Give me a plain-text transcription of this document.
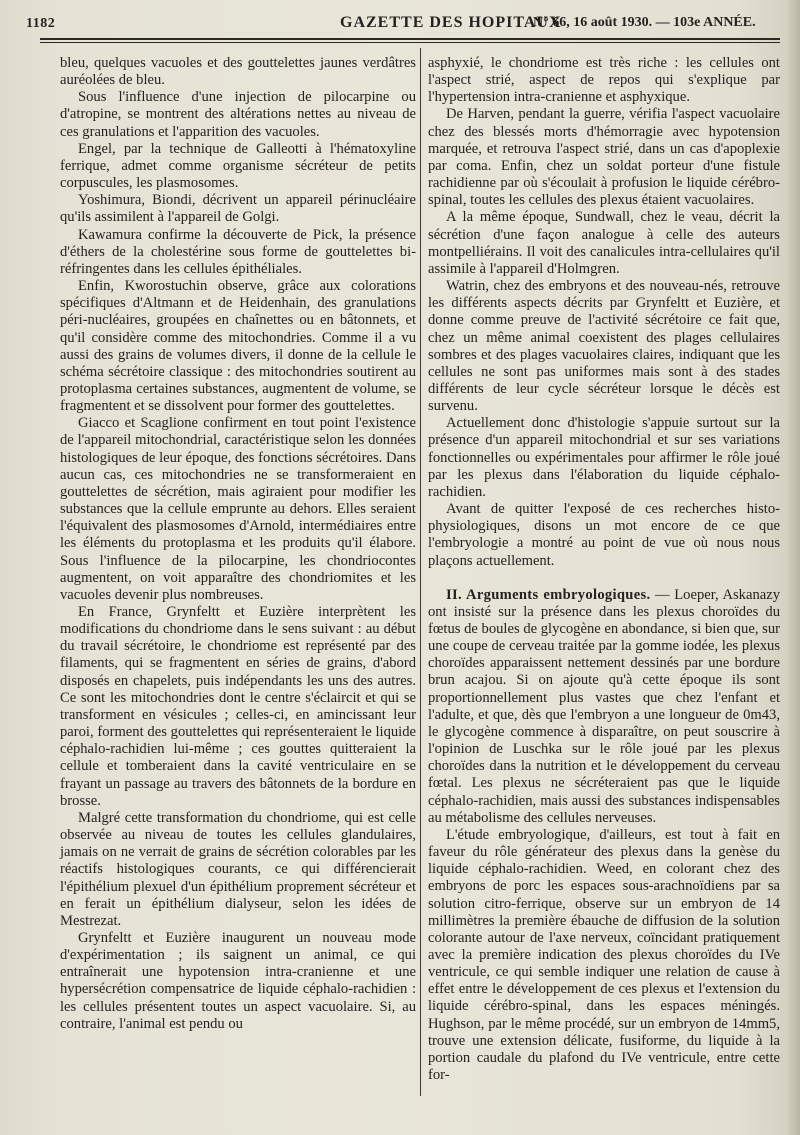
1182	GAZETTE DES HOPITAUX
N° 66, 16 août 1930. — 103e ANNÉE.

bleu, quelques vacuoles et des gouttelettes jaunes verdâtres auréolées de bleu.

Sous l'influence d'une injection de pilocarpine ou d'atropine, se montrent des altérations nettes au niveau de ces granulations et l'apparition des vacuoles.

Engel, par la technique de Galleotti à l'hématoxyline ferrique, admet comme organisme sécréteur de petits corpuscules, les plasmosomes.

Yoshimura, Biondi, décrivent un appareil périnucléaire qu'ils assimilent à l'appareil de Golgi.

Kawamura confirme la découverte de Pick, la présence d'éthers de la cholestérine sous forme de gouttelettes bi-réfringentes dans les cellules épithéliales.

Enfin, Kworostuchin observe, grâce aux colorations spécifiques d'Altmann et de Heidenhain, des granulations péri-nucléaires, groupées en chaînettes ou en bâtonnets, et qu'il considère comme des mitochondries. Comme il a vu aussi des grains de volumes divers, il donne de la cellule le schéma sécrétoire classique : des mitochondries soutirent au protoplasma certaines substances, augmentent de volume, se fragmentent et se dissolvent pour former des gouttelettes.

Giacco et Scaglione confirment en tout point l'existence de l'appareil mitochondrial, caractéristique selon les données histologiques de leur époque, des fonctions sécrétoires. Dans aucun cas, ces mitochondries ne se transformeraient en gouttelettes de sécrétion, mais agiraient pour modifier les substances que la cellule emprunte au dehors. Elles seraient l'équivalent des plasmosomes d'Arnold, intermédiaires entre les éléments du protoplasma et les produits qu'il élabore. Sous l'influence de la pilocarpine, les chondriocontes augmentent, on voit apparaître des chondriomites et les vacuoles devenir plus nombreuses.

En France, Grynfeltt et Euzière interprètent les modifications du chondriome dans le sens suivant : au début du travail sécrétoire, le chondriome est représenté par des filaments, qui se fragmentent en séries de grains, d'abord disposés en chapelets, puis indépendants les uns des autres. Ce sont les mitochondries dont le centre s'éclaircit et qui se transforment en vésicules ; celles-ci, en amincissant leur paroi, forment des gouttelettes qui représenteraient le liquide céphalo-rachidien lui-même ; ces gouttes quitteraient la cellule et tomberaient dans la cavité ventriculaire en se frayant un passage au travers des bâtonnets de la bordure en brosse.

Malgré cette transformation du chondriome, qui est celle observée au niveau de toutes les cellules glandulaires, jamais on ne verrait de grains de sécrétion colorables par les réactifs histologiques courants, ce qui différencierait l'épithélium plexuel d'un épithélium proprement sécréteur et en ferait un épithélium dialyseur, selon les idées de Mestrezat.

Grynfeltt et Euzière inaugurent un nouveau mode d'expérimentation ; ils saignent un animal, ce qui entraînerait une hypotension intra-cranienne et une hypersécrétion compensatrice de liquide céphalo-rachidien : les cellules présentent toutes un aspect vacuolaire. Si, au contraire, l'animal est pendu ou

asphyxié, le chondriome est très riche : les cellules ont l'aspect strié, aspect de repos qui s'explique par l'hypertension intra-cranienne et asphyxique.

De Harven, pendant la guerre, vérifia l'aspect vacuolaire chez des blessés morts d'hémorragie avec hypotension marquée, et retrouva l'aspect strié, dans un cas d'apoplexie par coma. Enfin, chez un soldat porteur d'une fistule rachidienne par où s'écoulait à profusion le liquide cérébro-spinal, toutes les cellules des plexus étaient vacuolaires.

A la même époque, Sundwall, chez le veau, décrit la sécrétion d'une façon analogue à celle des auteurs montpelliérains. Il voit des canalicules intra-cellulaires qu'il assimile à l'appareil d'Holmgren.

Watrin, chez des embryons et des nouveau-nés, retrouve les différents aspects décrits par Grynfeltt et Euzière, et donne comme preuve de l'activité sécrétoire ce fait que, chez un même animal coexistent des plages cellulaires sombres et des plages vacuolaires claires, indiquant que les cellules ne sont pas uniformes mais sont à des stades différents de leur cycle sécréteur lorsque le décès est survenu.

Actuellement donc d'histologie s'appuie surtout sur la présence d'un appareil mitochondrial et sur ses variations fonctionnelles ou expérimentales pour affirmer le rôle joué par les plexus dans l'élaboration du liquide céphalo-rachidien.

Avant de quitter l'exposé de ces recherches histo-physiologiques, disons un mot encore de ce que l'embryologie a montré au point de vue où nous nous plaçons actuellement.

II. Arguments embryologiques. — Loeper, Askanazy ont insisté sur la présence dans les plexus choroïdes du fœtus de boules de glycogène en abondance, si bien que, sur une coupe de cerveau traitée par la gomme iodée, les plexus choroïdes apparaissent nettement dessinés par une bordure brun acajou. Si on ajoute qu'à cette époque ils sont proportionnellement plus vastes que chez l'enfant et l'adulte, et que, dès que l'embryon a une longueur de 0m43, le glycogène commence à disparaître, on peut souscrire à l'opinion de Luschka sur le rôle joué par les plexus choroïdes dans la nutrition et le développement du cerveau fœtal. Les plexus ne sécréteraient pas que le liquide céphalo-rachidien, mais aussi des substances indispensables au métabolisme des cellules nerveuses.

L'étude embryologique, d'ailleurs, est tout à fait en faveur du rôle générateur des plexus dans la genèse du liquide céphalo-rachidien. Weed, en colorant chez des embryons de porc les espaces sous-arachnoïdiens par sa solution citro-ferrique, observe sur un embryon de 14 millimètres la première ébauche de diffusion de la solution colorante autour de l'axe nerveux, coïncidant pratiquement avec la première indication des plexus choroïdes du IVe ventricule, ce qui semble indiquer une relation de cause à effet entre le développement de ces plexus et l'extension du liquide cérébro-spinal, dans les espaces méningés. Hughson, par le même procédé, sur un embryon de 14mm5, trouve une extension délicate, fusiforme, du liquide à la portion caudale du plafond du IVe ventricule, entre cette for-
